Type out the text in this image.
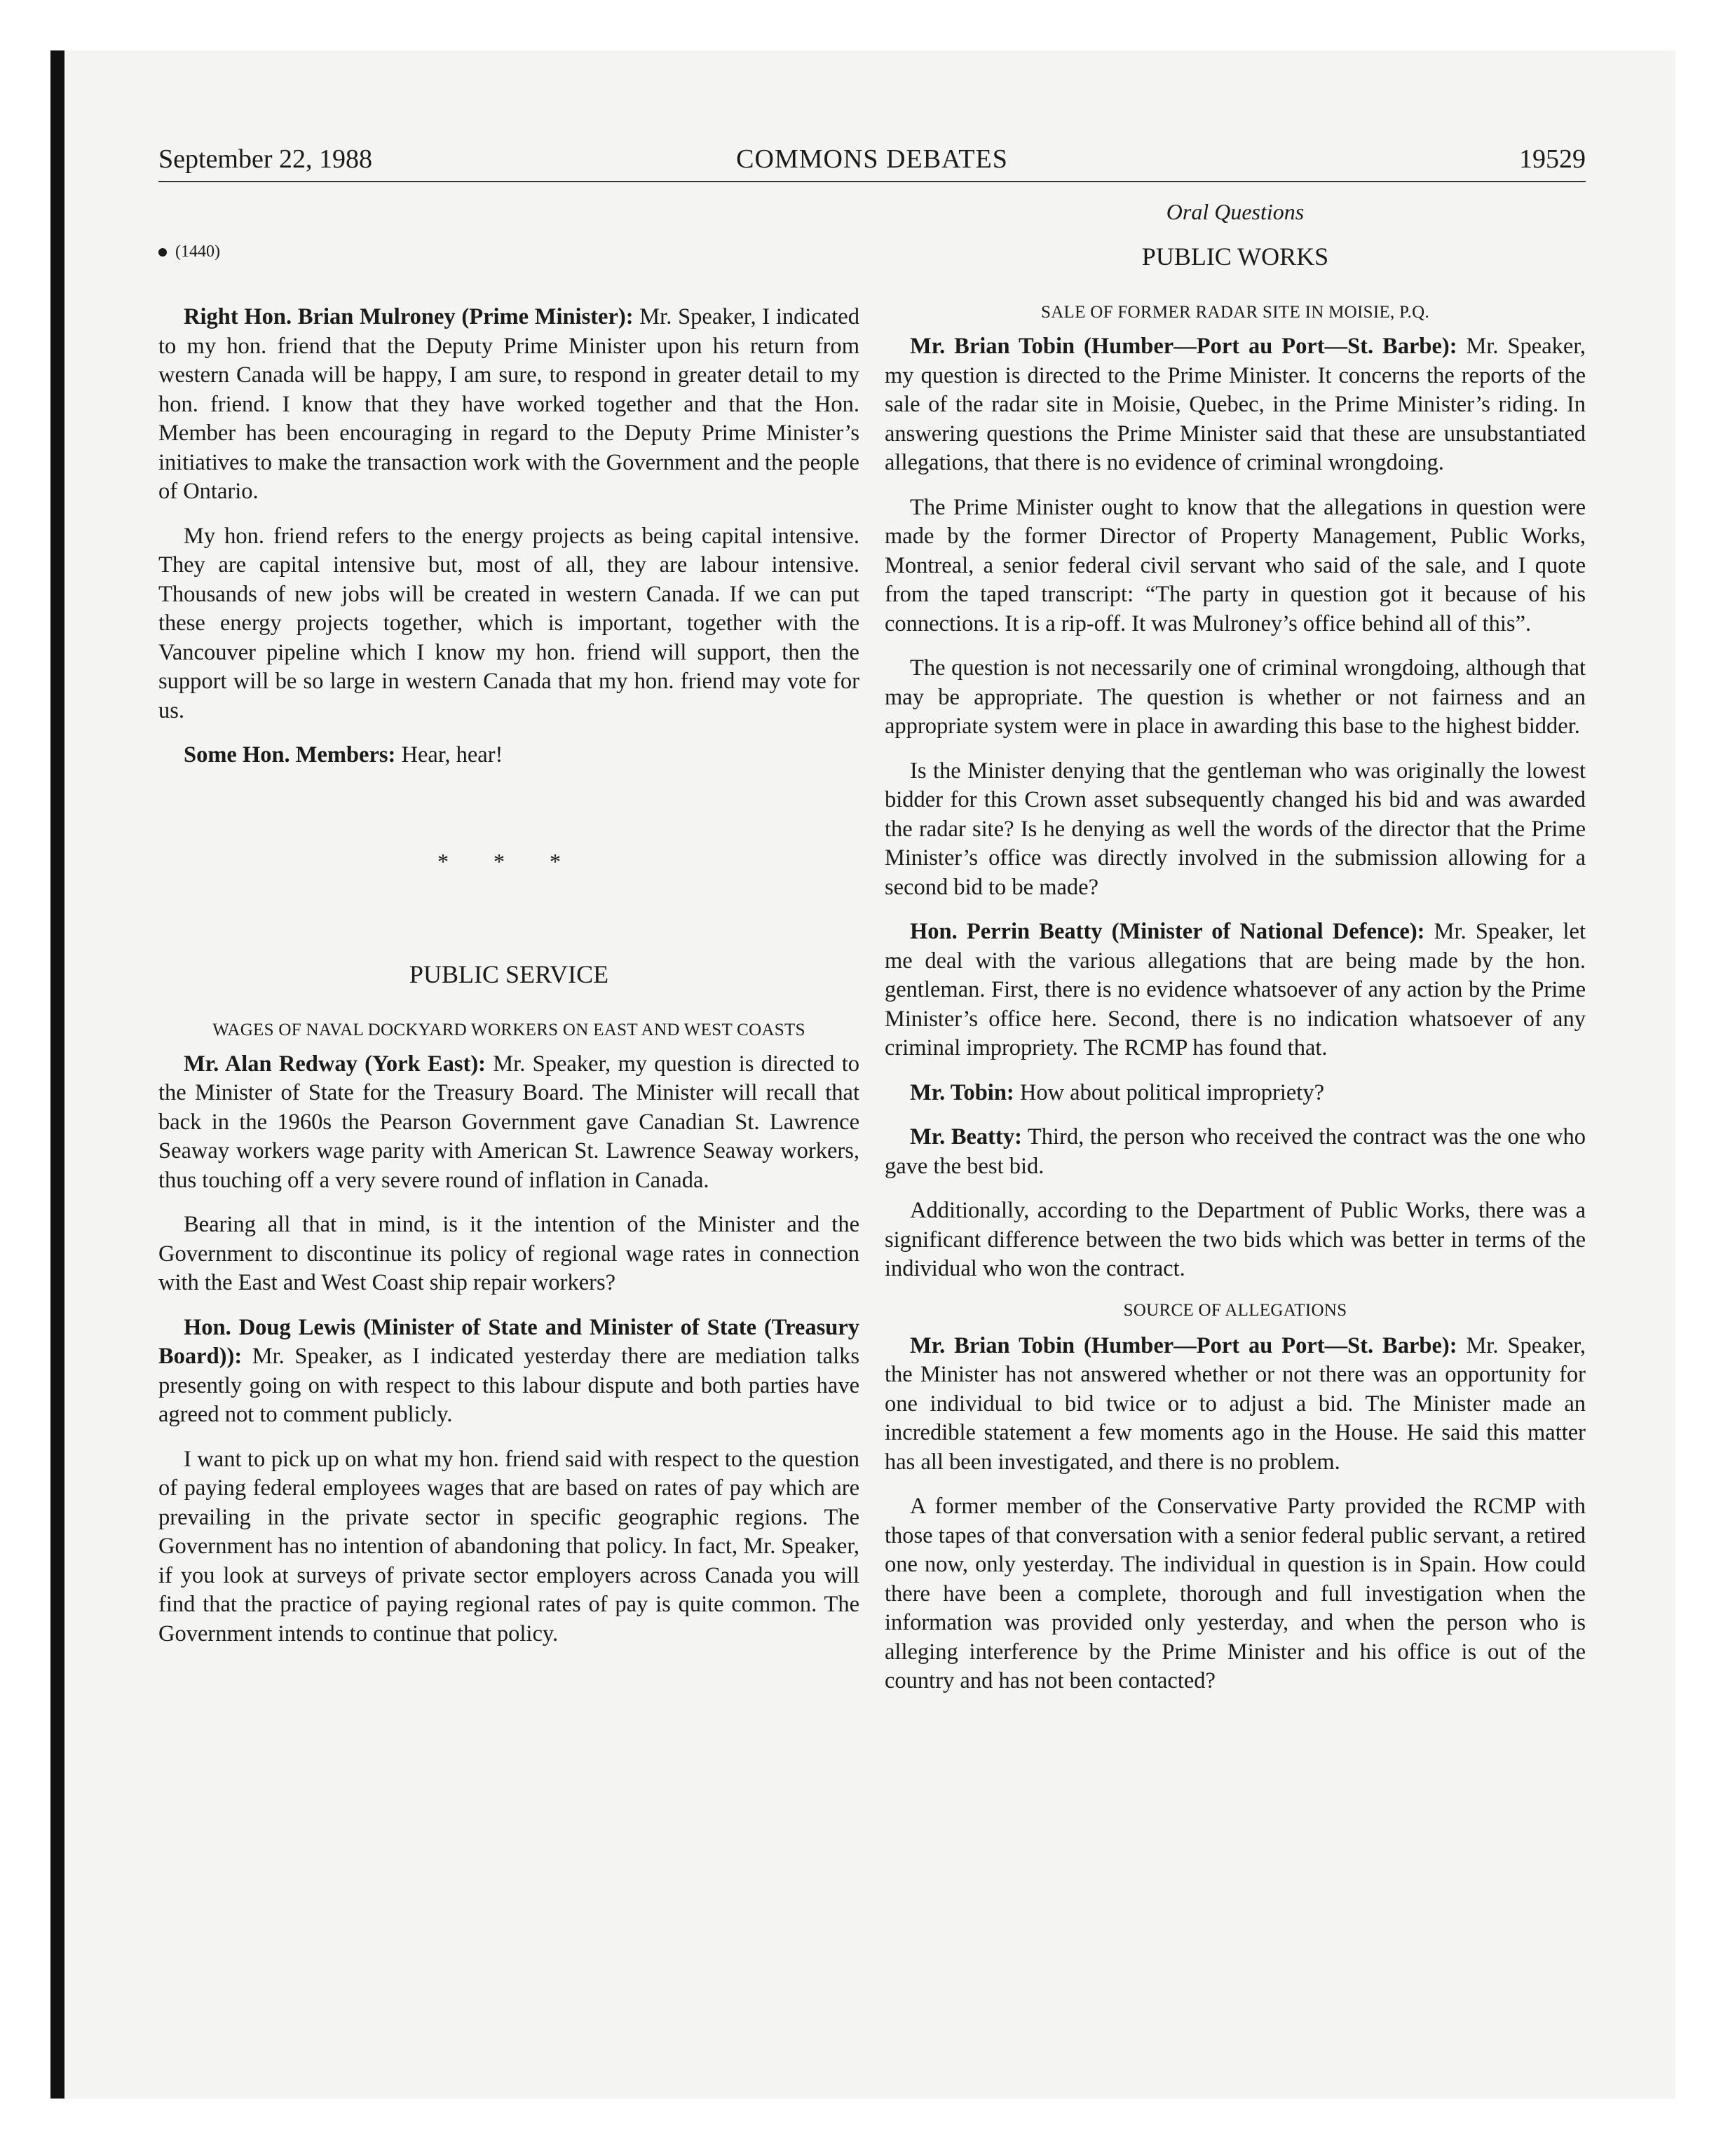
September 22, 1988	COMMONS DEBATES	19529
(1440)

Right Hon. Brian Mulroney (Prime Minister): Mr. Speaker, I indicated to my hon. friend that the Deputy Prime Minister upon his return from western Canada will be happy, I am sure, to respond in greater detail to my hon. friend. I know that they have worked together and that the Hon. Member has been encouraging in regard to the Deputy Prime Minister’s initiatives to make the transaction work with the Government and the people of Ontario.

My hon. friend refers to the energy projects as being capital intensive. They are capital intensive but, most of all, they are labour intensive. Thousands of new jobs will be created in western Canada. If we can put these energy projects together, which is important, together with the Vancouver pipeline which I know my hon. friend will support, then the support will be so large in western Canada that my hon. friend may vote for us.

Some Hon. Members: Hear, hear!

* * *
PUBLIC SERVICE
WAGES OF NAVAL DOCKYARD WORKERS ON EAST AND WEST COASTS

Mr. Alan Redway (York East): Mr. Speaker, my question is directed to the Minister of State for the Treasury Board. The Minister will recall that back in the 1960s the Pearson Government gave Canadian St. Lawrence Seaway workers wage parity with American St. Lawrence Seaway workers, thus touching off a very severe round of inflation in Canada.

Bearing all that in mind, is it the intention of the Minister and the Government to discontinue its policy of regional wage rates in connection with the East and West Coast ship repair workers?

Hon. Doug Lewis (Minister of State and Minister of State (Treasury Board)): Mr. Speaker, as I indicated yesterday there are mediation talks presently going on with respect to this labour dispute and both parties have agreed not to comment publicly.

I want to pick up on what my hon. friend said with respect to the question of paying federal employees wages that are based on rates of pay which are prevailing in the private sector in specific geographic regions. The Government has no intention of abandoning that policy. In fact, Mr. Speaker, if you look at surveys of private sector employers across Canada you will find that the practice of paying regional rates of pay is quite common. The Government intends to continue that policy.

Oral Questions
PUBLIC WORKS
SALE OF FORMER RADAR SITE IN MOISIE, P.Q.

Mr. Brian Tobin (Humber—Port au Port—St. Barbe): Mr. Speaker, my question is directed to the Prime Minister. It concerns the reports of the sale of the radar site in Moisie, Quebec, in the Prime Minister’s riding. In answering questions the Prime Minister said that these are unsubstantiated allegations, that there is no evidence of criminal wrongdoing.

The Prime Minister ought to know that the allegations in question were made by the former Director of Property Management, Public Works, Montreal, a senior federal civil servant who said of the sale, and I quote from the taped transcript: “The party in question got it because of his connections. It is a rip-off. It was Mulroney’s office behind all of this”.

The question is not necessarily one of criminal wrongdoing, although that may be appropriate. The question is whether or not fairness and an appropriate system were in place in awarding this base to the highest bidder.

Is the Minister denying that the gentleman who was originally the lowest bidder for this Crown asset subsequently changed his bid and was awarded the radar site? Is he denying as well the words of the director that the Prime Minister’s office was directly involved in the submission allowing for a second bid to be made?

Hon. Perrin Beatty (Minister of National Defence): Mr. Speaker, let me deal with the various allegations that are being made by the hon. gentleman. First, there is no evidence whatsoever of any action by the Prime Minister’s office here. Second, there is no indication whatsoever of any criminal impropriety. The RCMP has found that.

Mr. Tobin: How about political impropriety?

Mr. Beatty: Third, the person who received the contract was the one who gave the best bid.

Additionally, according to the Department of Public Works, there was a significant difference between the two bids which was better in terms of the individual who won the contract.

SOURCE OF ALLEGATIONS

Mr. Brian Tobin (Humber—Port au Port—St. Barbe): Mr. Speaker, the Minister has not answered whether or not there was an opportunity for one individual to bid twice or to adjust a bid. The Minister made an incredible statement a few moments ago in the House. He said this matter has all been investigated, and there is no problem.

A former member of the Conservative Party provided the RCMP with those tapes of that conversation with a senior federal public servant, a retired one now, only yesterday. The individual in question is in Spain. How could there have been a complete, thorough and full investigation when the information was provided only yesterday, and when the person who is alleging interference by the Prime Minister and his office is out of the country and has not been contacted?
